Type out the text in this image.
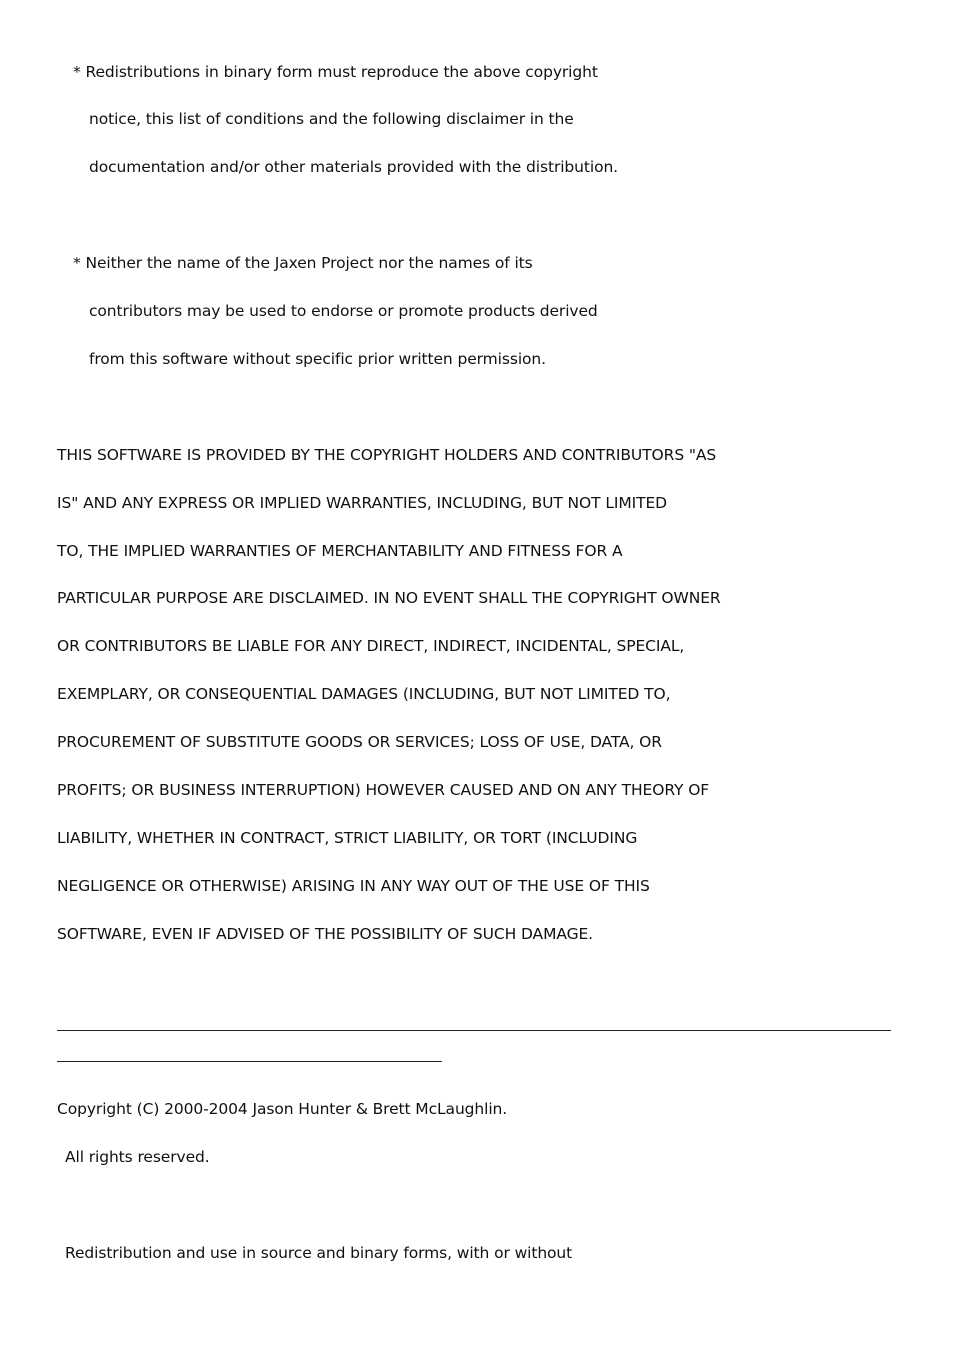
* Redistributions in binary form must reproduce the above copyright
notice, this list of conditions and the following disclaimer in the
documentation and/or other materials provided with the distribution.
* Neither the name of the Jaxen Project nor the names of its
contributors may be used to endorse or promote products derived
from this software without specific prior written permission.
THIS SOFTWARE IS PROVIDED BY THE COPYRIGHT HOLDERS AND CONTRIBUTORS "AS
IS" AND ANY EXPRESS OR IMPLIED WARRANTIES, INCLUDING, BUT NOT LIMITED
TO, THE IMPLIED WARRANTIES OF MERCHANTABILITY AND FITNESS FOR A
PARTICULAR PURPOSE ARE DISCLAIMED. IN NO EVENT SHALL THE COPYRIGHT OWNER
OR CONTRIBUTORS BE LIABLE FOR ANY DIRECT, INDIRECT, INCIDENTAL, SPECIAL,
EXEMPLARY, OR CONSEQUENTIAL DAMAGES (INCLUDING, BUT NOT LIMITED TO,
PROCUREMENT OF SUBSTITUTE GOODS OR SERVICES; LOSS OF USE, DATA, OR
PROFITS; OR BUSINESS INTERRUPTION) HOWEVER CAUSED AND ON ANY THEORY OF
LIABILITY, WHETHER IN CONTRACT, STRICT LIABILITY, OR TORT (INCLUDING
NEGLIGENCE OR OTHERWISE) ARISING IN ANY WAY OUT OF THE USE OF THIS
SOFTWARE, EVEN IF ADVISED OF THE POSSIBILITY OF SUCH DAMAGE.
Copyright (C) 2000-2004 Jason Hunter & Brett McLaughlin.
All rights reserved.
Redistribution and use in source and binary forms, with or without
